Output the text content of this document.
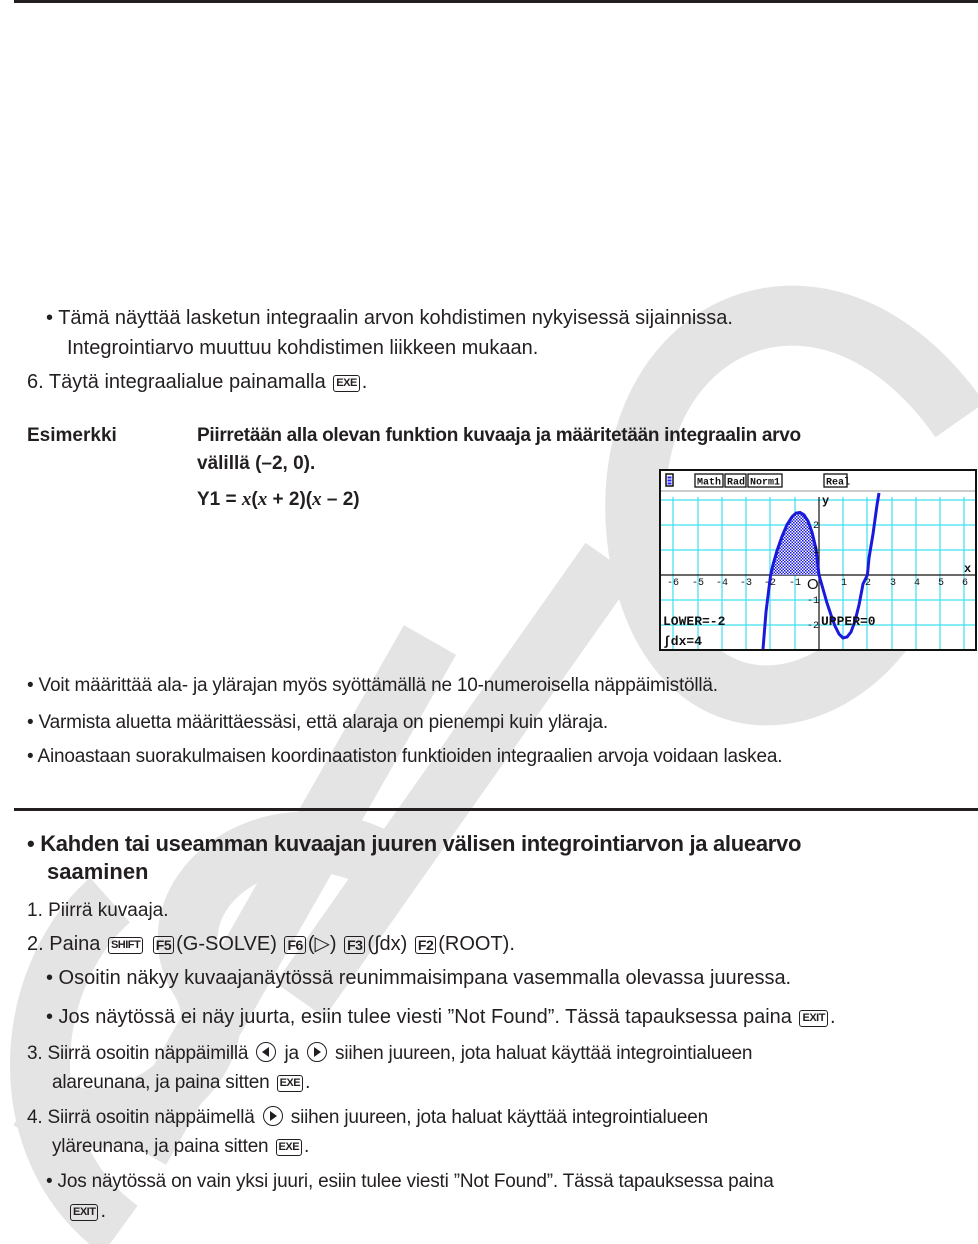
• Tämä näyttää lasketun integraalin arvon kohdistimen nykyisessä sijainnissa.
Integrointiarvo muuttuu kohdistimen liikkeen mukaan.
6. Täytä integraalialue painamalla EXE .
Esimerkki	Piirretään alla olevan funktion kuvaaja ja määritetään integraalin arvo
välillä (–2, 0).
Y1 = x(x + 2)(x – 2)
Math Rad Norm1	Real
-6 -5 -4 -3 -2 -1	1 2 3 4 5 6
2
1
-1
-2
y
x
O
LOWER=-2	UPPER=0
∫dx=4
• Voit määrittää ala- ja ylärajan myös syöttämällä ne 10-numeroisella näppäimistöllä.
• Varmista aluetta määrittäessäsi, että alaraja on pienempi kuin yläraja.
• Ainoastaan suorakulmaisen koordinaatiston funktioiden integraalien arvoja voidaan laskea.
• Kahden tai useamman kuvaajan juuren välisen integrointiarvon ja aluearvo
saaminen
1. Piirrä kuvaaja.
2. Paina SHIFT F5 (G-SOLVE) F6 (▷) F3 (∫dx) F2 (ROOT).
• Osoitin näkyy kuvaajanäytössä reunimmaisimpana vasemmalla olevassa juuressa.
• Jos näytössä ei näy juurta, esiin tulee viesti ”Not Found”. Tässä tapauksessa paina EXIT .
3. Siirrä osoitin näppäimillä ja siihen juureen, jota haluat käyttää integrointialueen
alareunana, ja paina sitten EXE .
4. Siirrä osoitin näppäimellä siihen juureen, jota haluat käyttää integrointialueen
yläreunana, ja paina sitten EXE .
• Jos näytössä on vain yksi juuri, esiin tulee viesti ”Not Found”. Tässä tapauksessa paina
EXIT .
